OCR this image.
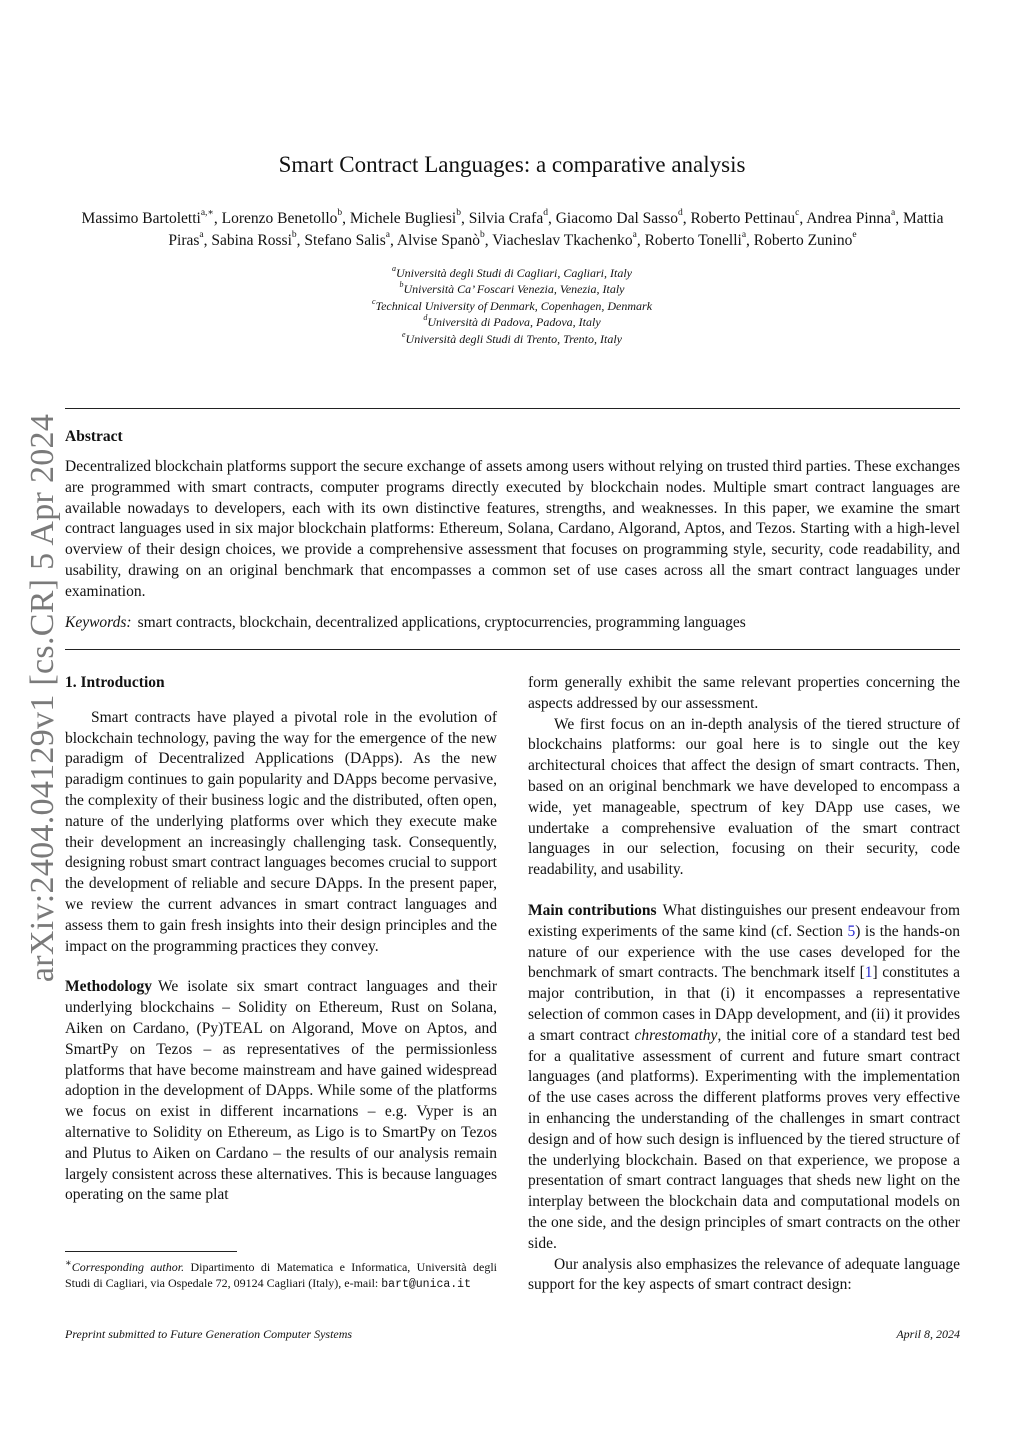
arXiv:2404.04129v1 [cs.CR] 5 Apr 2024
Smart Contract Languages: a comparative analysis
Massimo Bartoletti$^{a,∗}$, Lorenzo Benetollo$^b$, Michele Bugliesi$^b$, Silvia Crafa$^d$, Giacomo Dal Sasso$^d$, Roberto Pettinau$^c$, Andrea Pinna$^a$, Mattia Piras$^a$, Sabina Rossi$^b$, Stefano Salis$^a$, Alvise Spanò$^b$, Viacheslav Tkachenko$^a$, Roberto Tonelli$^a$, Roberto Zunino$^e$
$^a$Università degli Studi di Cagliari, Cagliari, Italy
$^b$Università Ca’ Foscari Venezia, Venezia, Italy
$^c$Technical University of Denmark, Copenhagen, Denmark
$^d$Università di Padova, Padova, Italy
$^e$Università degli Studi di Trento, Trento, Italy
Abstract
Decentralized blockchain platforms support the secure exchange of assets among users without relying on trusted third parties. These exchanges are programmed with smart contracts, computer programs directly executed by blockchain nodes. Multiple smart contract languages are available nowadays to developers, each with its own distinctive features, strengths, and weaknesses. In this paper, we examine the smart contract languages used in six major blockchain platforms: Ethereum, Solana, Cardano, Algorand, Aptos, and Tezos. Starting with a high-level overview of their design choices, we provide a comprehensive assessment that focuses on programming style, security, code readability, and usability, drawing on an original benchmark that encompasses a common set of use cases across all the smart contract languages under examination.
Keywords: smart contracts, blockchain, decentralized applications, cryptocurrencies, programming languages
1. Introduction

Smart contracts have played a pivotal role in the evolution of blockchain technology, paving the way for the emergence of the new paradigm of Decentralized Applications (DApps). As the new paradigm continues to gain popularity and DApps become pervasive, the complexity of their business logic and the distributed, often open, nature of the underlying platforms over which they execute make their development an increasingly challenging task. Consequently, designing robust smart contract languages becomes crucial to support the development of reliable and secure DApps. In the present paper, we review the current advances in smart contract languages and assess them to gain fresh insights into their design principles and the impact on the programming practices they convey.

Methodology We isolate six smart contract languages and their underlying blockchains – Solidity on Ethereum, Rust on Solana, Aiken on Cardano, (Py)TEAL on Algorand, Move on Aptos, and SmartPy on Tezos – as representatives of the permissionless platforms that have become mainstream and have gained widespread adoption in the development of DApps. While some of the platforms we focus on exist in different incarnations – e.g. Vyper is an alternative to Solidity on Ethereum, as Ligo is to SmartPy on Tezos and Plutus to Aiken on Cardano – the results of our analysis remain largely consistent across these alternatives. This is because languages operating on the same plat

form generally exhibit the same relevant properties concerning the aspects addressed by our assessment.

We first focus on an in-depth analysis of the tiered structure of blockchains platforms: our goal here is to single out the key architectural choices that affect the design of smart contracts. Then, based on an original benchmark we have developed to encompass a wide, yet manageable, spectrum of key DApp use cases, we undertake a comprehensive evaluation of the smart contract languages in our selection, focusing on their security, code readability, and usability.

Main contributions What distinguishes our present endeavour from existing experiments of the same kind (cf. Section 5) is the hands-on nature of our experience with the use cases developed for the benchmark of smart contracts. The benchmark itself [1] constitutes a major contribution, in that (i) it encompasses a representative selection of common cases in DApp development, and (ii) it provides a smart contract chrestomathy, the initial core of a standard test bed for a qualitative assessment of current and future smart contract languages (and platforms). Experimenting with the implementation of the use cases across the different platforms proves very effective in enhancing the understanding of the challenges in smart contract design and of how such design is influenced by the tiered structure of the underlying blockchain. Based on that experience, we propose a presentation of smart contract languages that sheds new light on the interplay between the blockchain data and computational models on the one side, and the design principles of smart contracts on the other side.

Our analysis also emphasizes the relevance of adequate language support for the key aspects of smart contract design:

∗Corresponding author. Dipartimento di Matematica e Informatica, Università degli Studi di Cagliari, via Ospedale 72, 09124 Cagliari (Italy), e-mail: bart@unica.it
Preprint submitted to Future Generation Computer Systems	April 8, 2024
